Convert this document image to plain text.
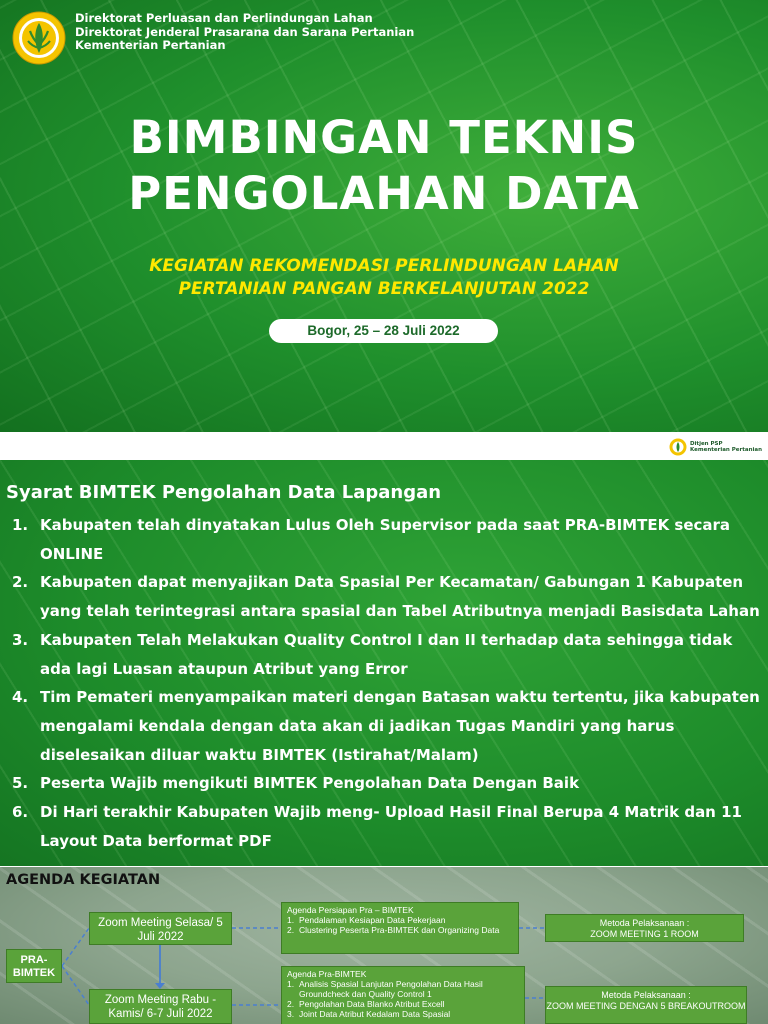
Direktorat Perluasan dan Perlindungan Lahan
Direktorat Jenderal Prasarana dan Sarana Pertanian
Kementerian Pertanian
BIMBINGAN TEKNIS
PENGOLAHAN DATA
KEGIATAN REKOMENDASI PERLINDUNGAN LAHAN
PERTANIAN PANGAN BERKELANJUTAN 2022
Bogor, 25 – 28 Juli 2022
Ditjen PSP
Kementerian Pertanian
Syarat BIMTEK Pengolahan Data Lapangan
1. Kabupaten telah dinyatakan Lulus Oleh Supervisor pada saat PRA-BIMTEK secara ONLINE
2. Kabupaten dapat menyajikan Data Spasial Per Kecamatan/ Gabungan 1 Kabupaten yang telah terintegrasi antara spasial dan Tabel Atributnya menjadi Basisdata Lahan
3. Kabupaten Telah Melakukan Quality Control I dan II terhadap data sehingga tidak ada lagi Luasan ataupun Atribut yang Error
4. Tim Pemateri menyampaikan materi dengan Batasan waktu tertentu, jika kabupaten mengalami kendala dengan data akan di jadikan Tugas Mandiri yang harus diselesaikan diluar waktu BIMTEK (Istirahat/Malam)
5. Peserta Wajib mengikuti BIMTEK Pengolahan Data Dengan Baik
6. Di Hari terakhir Kabupaten Wajib meng- Upload Hasil Final Berupa 4 Matrik dan 11 Layout Data berformat PDF
AGENDA KEGIATAN
PRA-BIMTEK
Zoom Meeting Selasa/ 5 Juli 2022
Zoom Meeting Rabu - Kamis/ 6-7 Juli 2022
Agenda Persiapan Pra – BIMTEK
1. Pendalaman Kesiapan Data Pekerjaan
2. Clustering Peserta Pra-BIMTEK dan Organizing Data
Agenda Pra-BIMTEK
1. Analisis Spasial Lanjutan Pengolahan Data Hasil Groundcheck dan Quality Control 1
2. Pengolahan Data Blanko Atribut Excell
3. Joint Data Atribut Kedalam Data Spasial
Metoda Pelaksanaan :
ZOOM MEETING 1 ROOM
Metoda Pelaksanaan :
ZOOM MEETING DENGAN 5 BREAKOUTROOM
